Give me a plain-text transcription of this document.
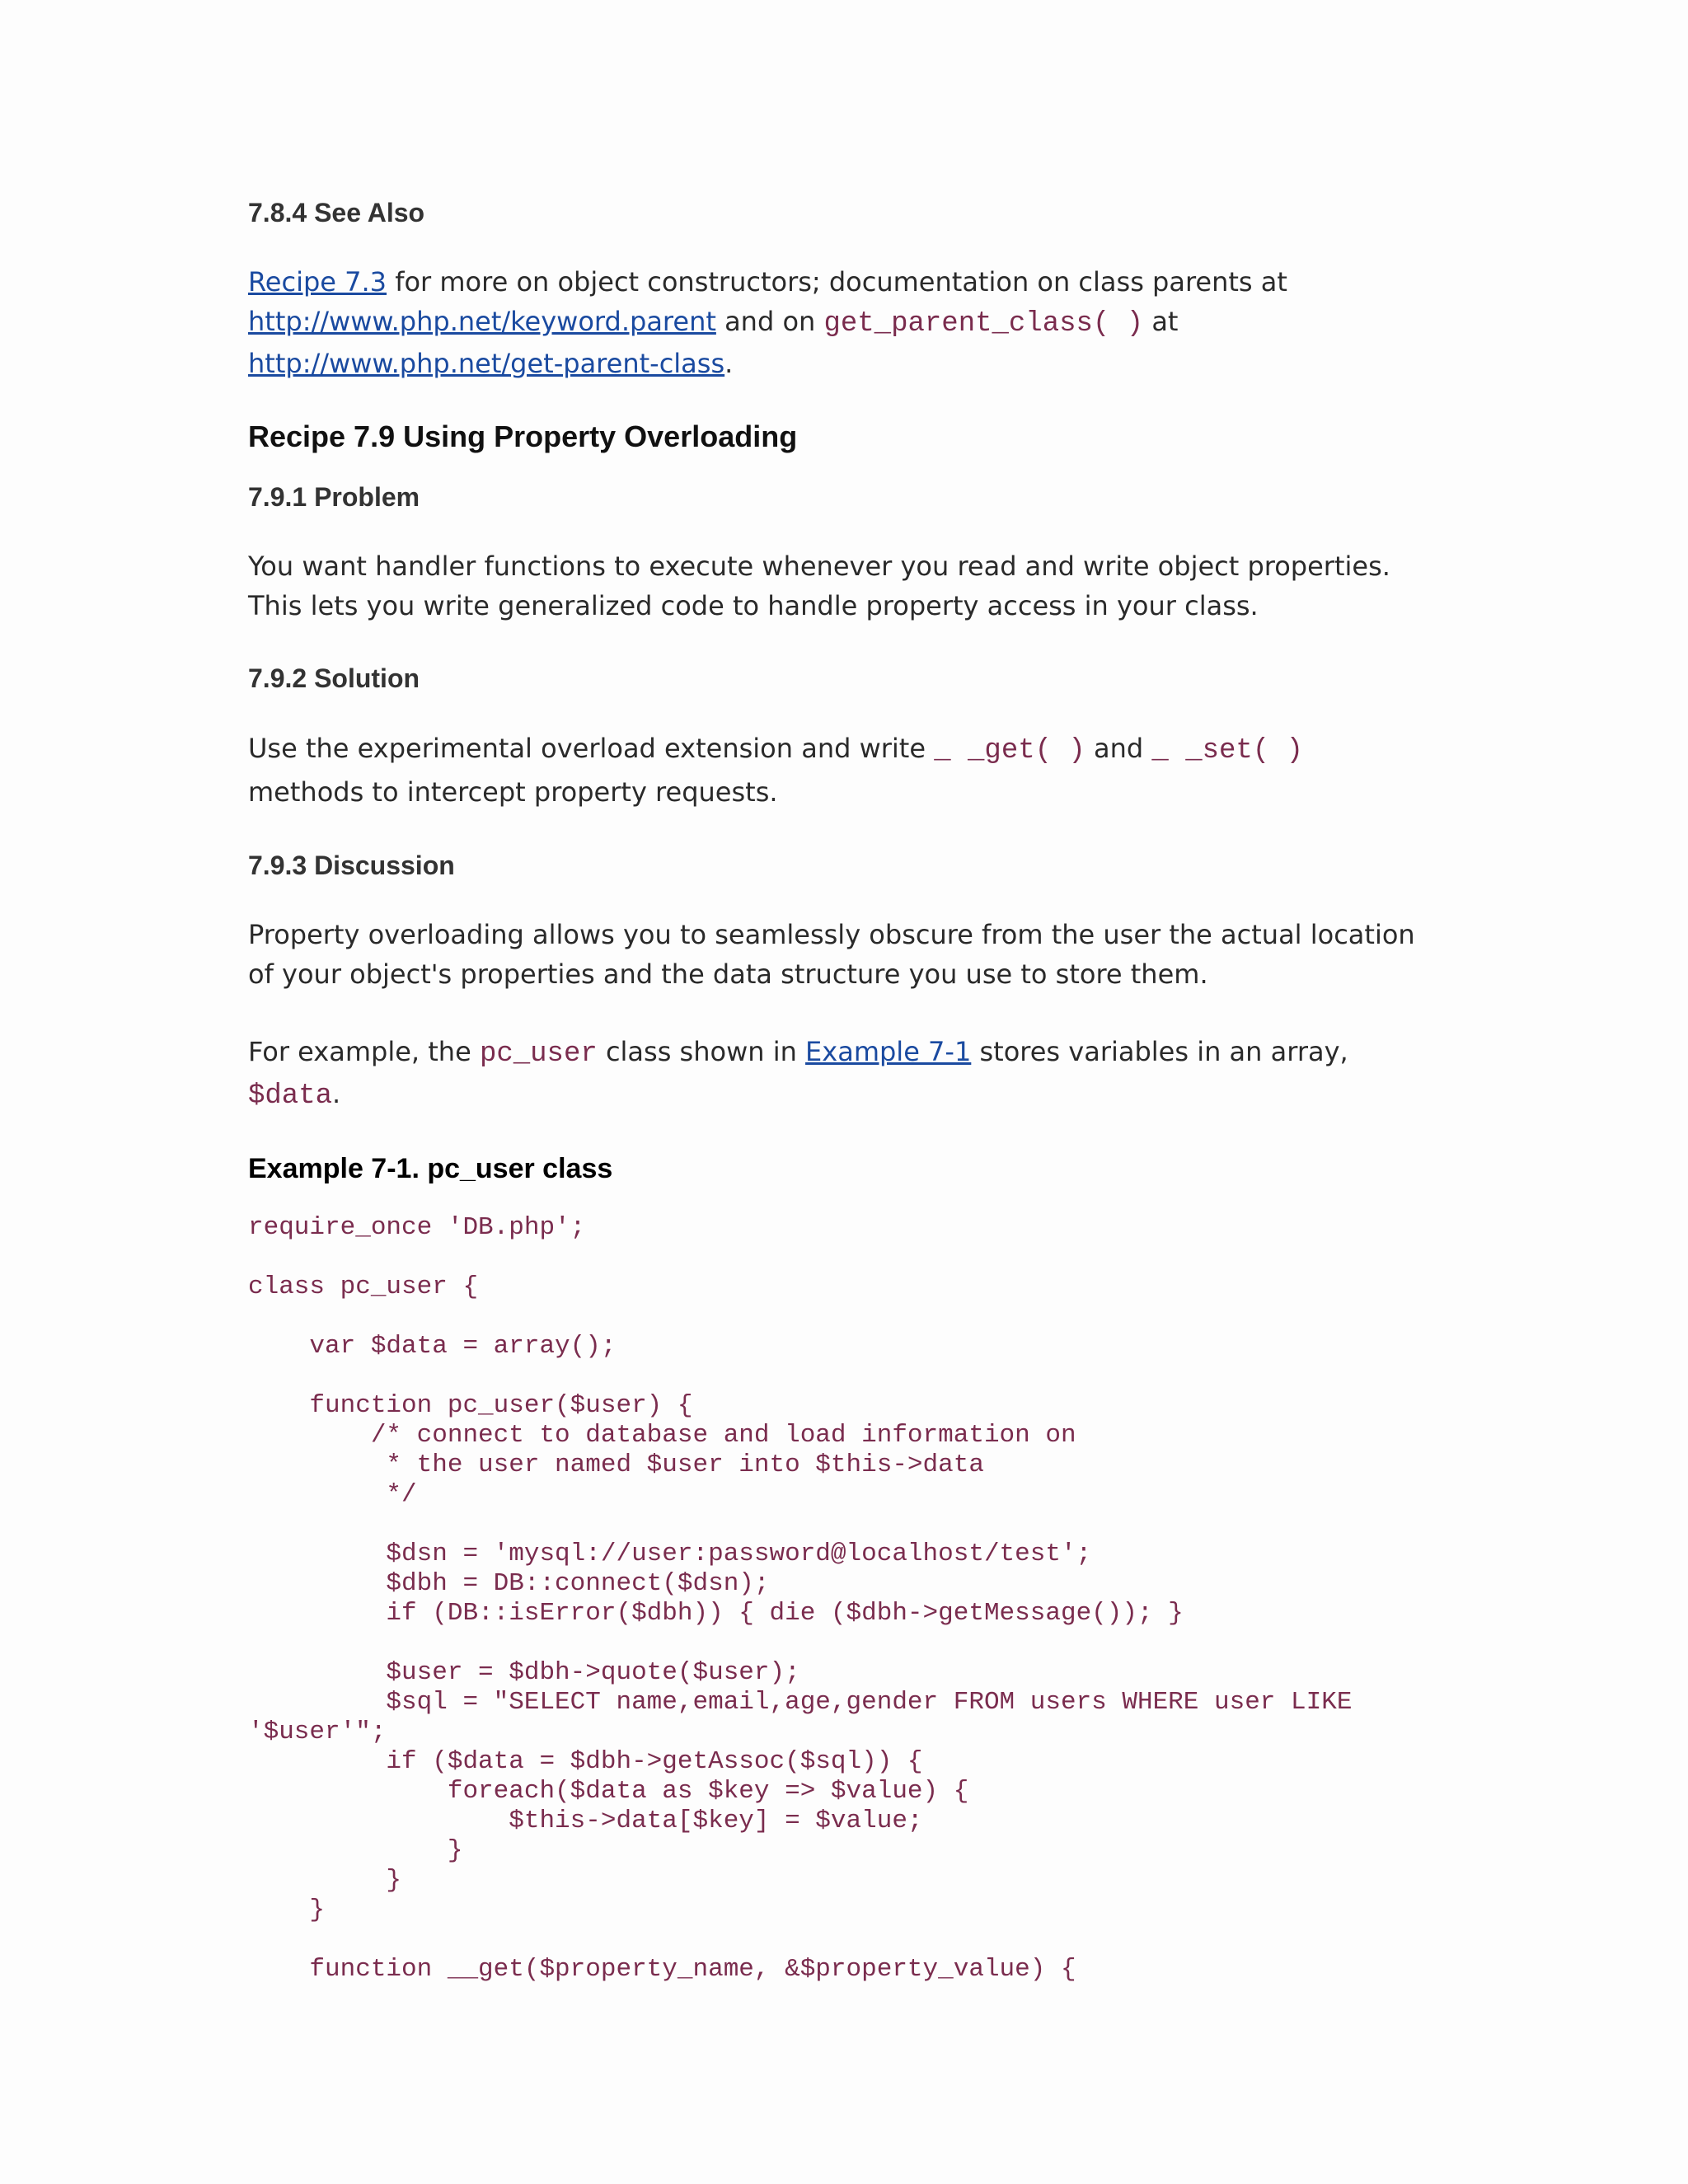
7.8.4 See Also

Recipe 7.3 for more on object constructors; documentation on class parents at
http://www.php.net/keyword.parent and on get_parent_class( ) at
http://www.php.net/get-parent-class.

Recipe 7.9 Using Property Overloading
7.9.1 Problem

You want handler functions to execute whenever you read and write object properties. This lets you write generalized code to handle property access in your class.

7.9.2 Solution

Use the experimental overload extension and write _ _get( ) and _ _set( ) methods to intercept property requests.

7.9.3 Discussion

Property overloading allows you to seamlessly obscure from the user the actual location of your object's properties and the data structure you use to store them.

For example, the pc_user class shown in Example 7-1 stores variables in an array, $data.

Example 7-1. pc_user class
require_once 'DB.php';

class pc_user {

var $data = array();

function pc_user($user) {
/* connect to database and load information on
* the user named $user into $this->data
*/

$dsn = 'mysql://user:password@localhost/test';
$dbh = DB::connect($dsn);
if (DB::isError($dbh)) { die ($dbh->getMessage()); }

$user = $dbh->quote($user);
$sql = "SELECT name,email,age,gender FROM users WHERE user LIKE
'$user'";
if ($data = $dbh->getAssoc($sql)) {
foreach($data as $key => $value) {
$this->data[$key] = $value;
}
}
}

function __get($property_name, &$property_value) {
